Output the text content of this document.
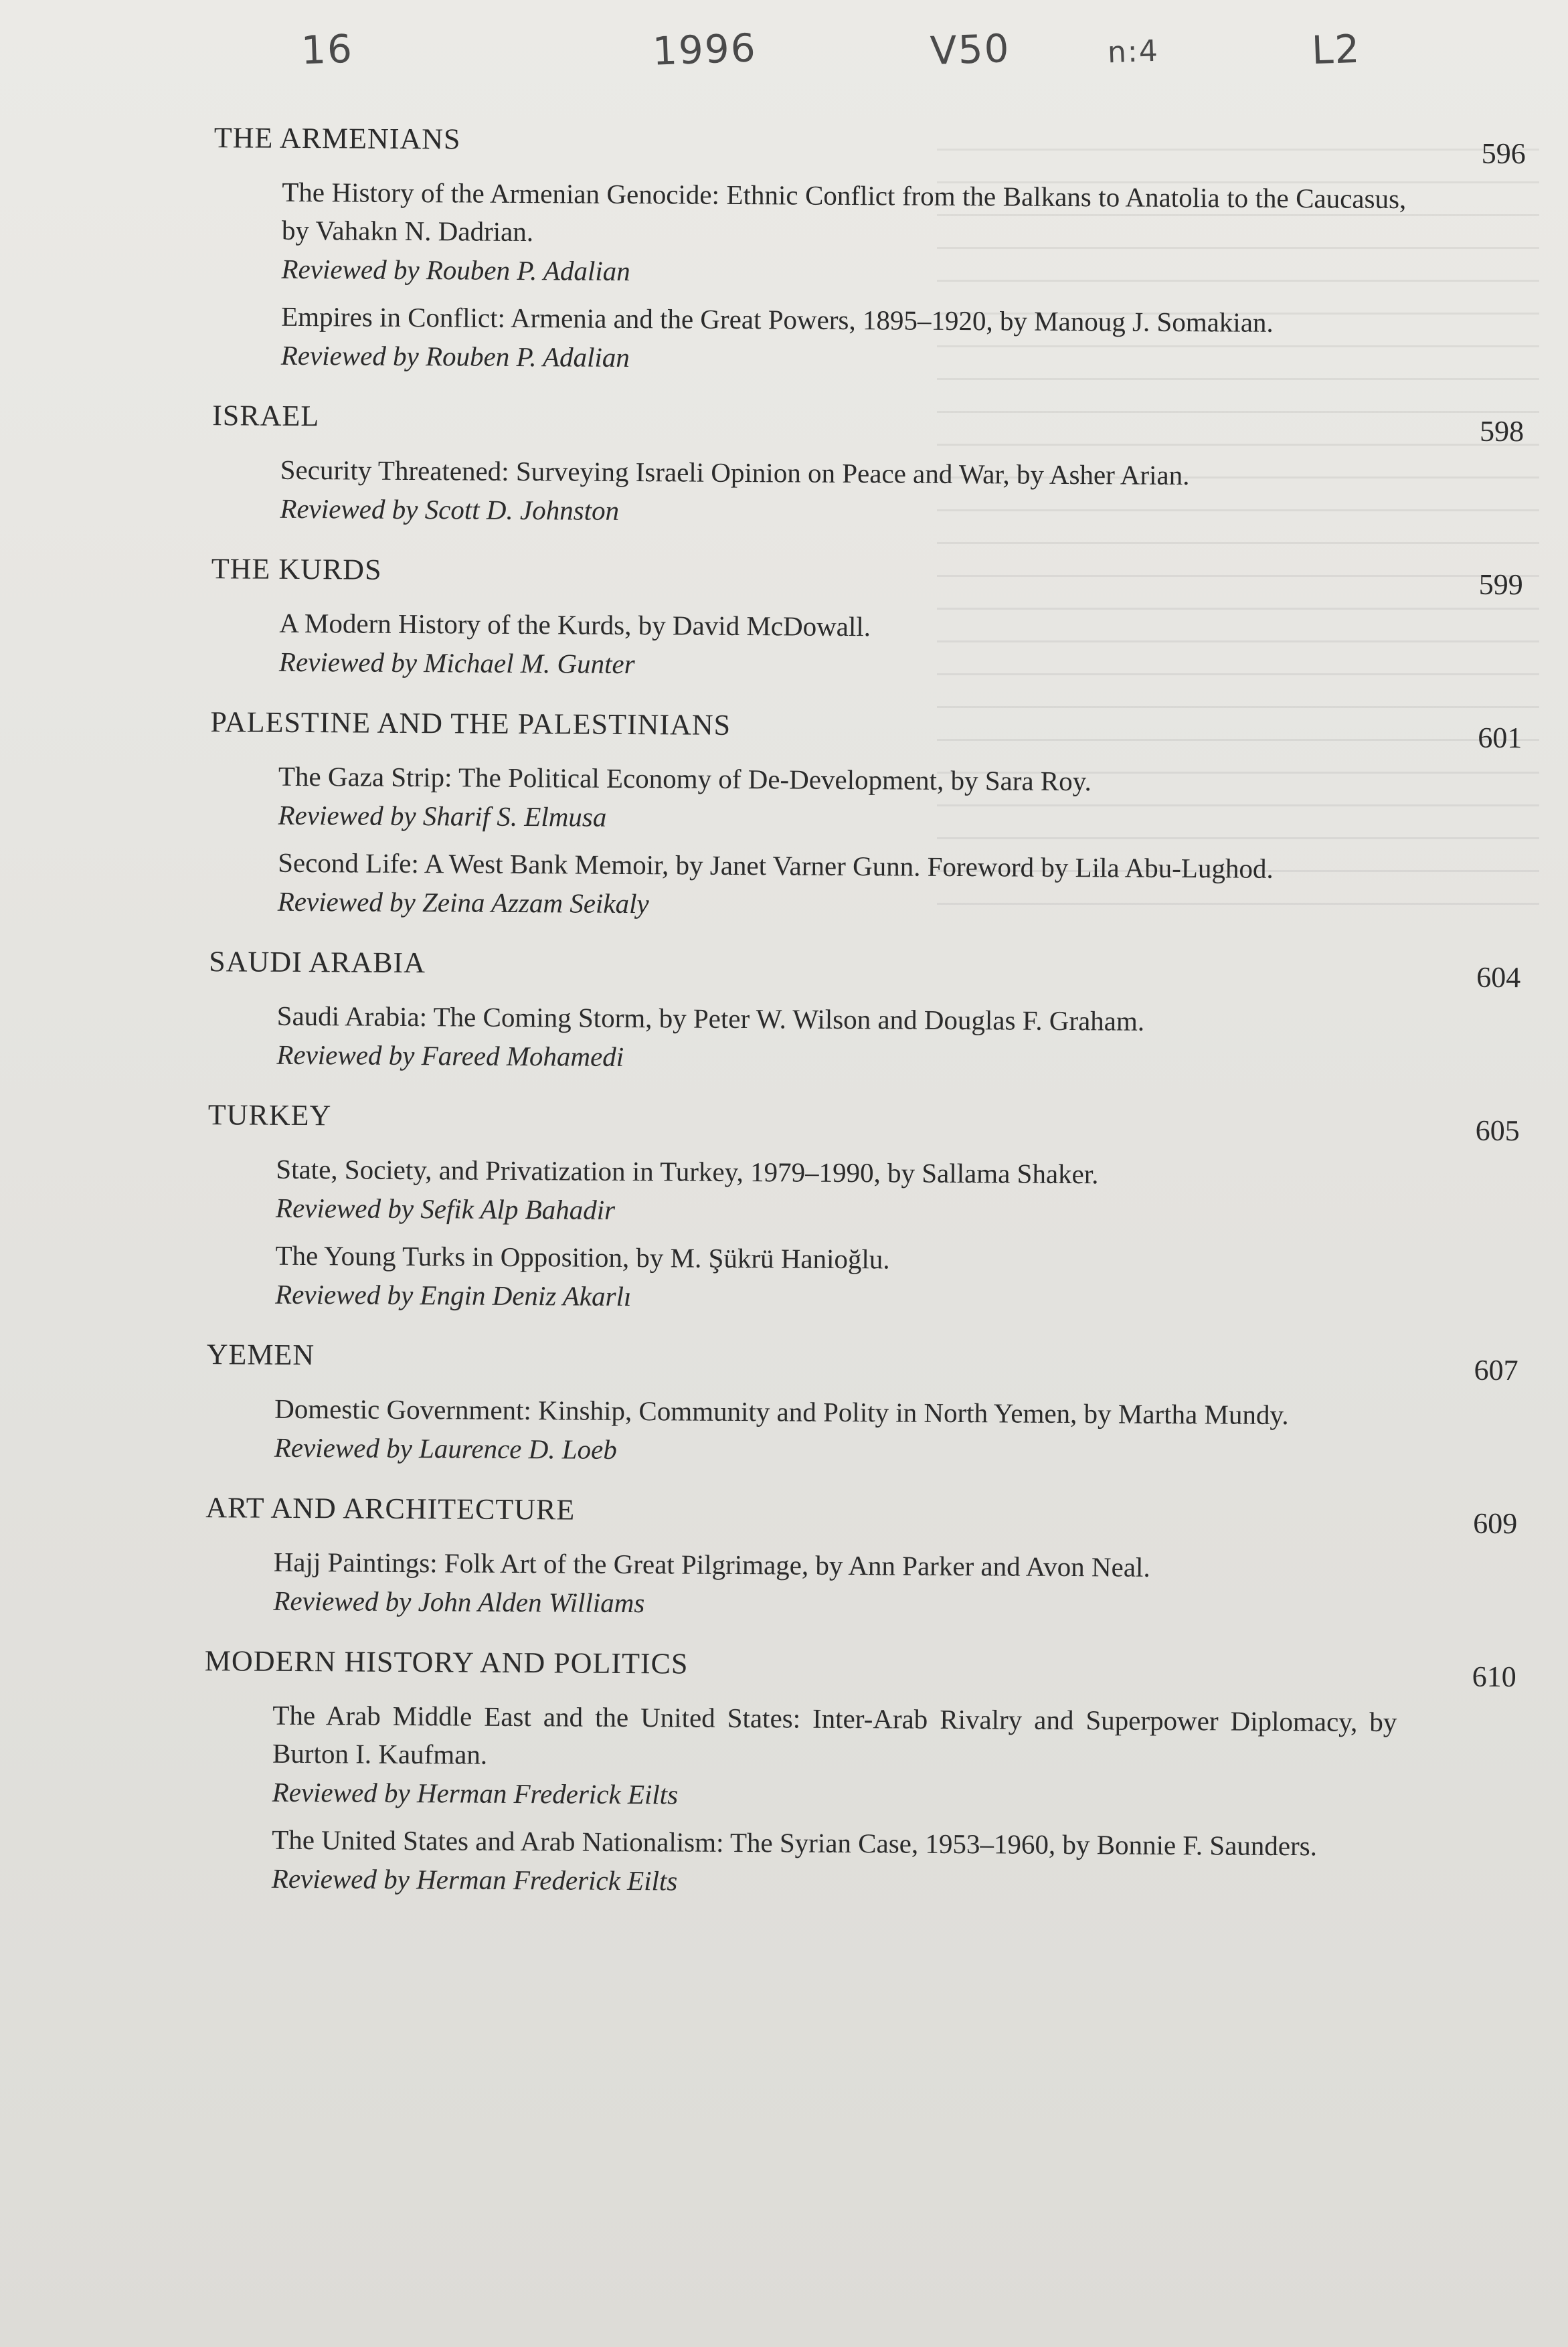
16	1996	V50	n:4	L2
THE ARMENIANS	596
The History of the Armenian Genocide: Ethnic Conflict from the Balkans to Anatolia to the Caucasus, by Vahakn N. Dadrian.
Reviewed by Rouben P. Adalian
Empires in Conflict: Armenia and the Great Powers, 1895–1920, by Manoug J. Somakian.
Reviewed by Rouben P. Adalian
ISRAEL	598
Security Threatened: Surveying Israeli Opinion on Peace and War, by Asher Arian.
Reviewed by Scott D. Johnston
THE KURDS	599
A Modern History of the Kurds, by David McDowall.
Reviewed by Michael M. Gunter
PALESTINE AND THE PALESTINIANS	601
The Gaza Strip: The Political Economy of De-Development, by Sara Roy.
Reviewed by Sharif S. Elmusa
Second Life: A West Bank Memoir, by Janet Varner Gunn. Foreword by Lila Abu-Lughod.
Reviewed by Zeina Azzam Seikaly
SAUDI ARABIA	604
Saudi Arabia: The Coming Storm, by Peter W. Wilson and Douglas F. Graham.
Reviewed by Fareed Mohamedi
TURKEY	605
State, Society, and Privatization in Turkey, 1979–1990, by Sallama Shaker.
Reviewed by Sefik Alp Bahadir
The Young Turks in Opposition, by M. Şükrü Hanioğlu.
Reviewed by Engin Deniz Akarlı
YEMEN	607
Domestic Government: Kinship, Community and Polity in North Yemen, by Martha Mundy.
Reviewed by Laurence D. Loeb
ART AND ARCHITECTURE	609
Hajj Paintings: Folk Art of the Great Pilgrimage, by Ann Parker and Avon Neal.
Reviewed by John Alden Williams
MODERN HISTORY AND POLITICS	610
The Arab Middle East and the United States: Inter-Arab Rivalry and Superpower Diplomacy, by Burton I. Kaufman.
Reviewed by Herman Frederick Eilts
The United States and Arab Nationalism: The Syrian Case, 1953–1960, by Bonnie F. Saunders.
Reviewed by Herman Frederick Eilts
